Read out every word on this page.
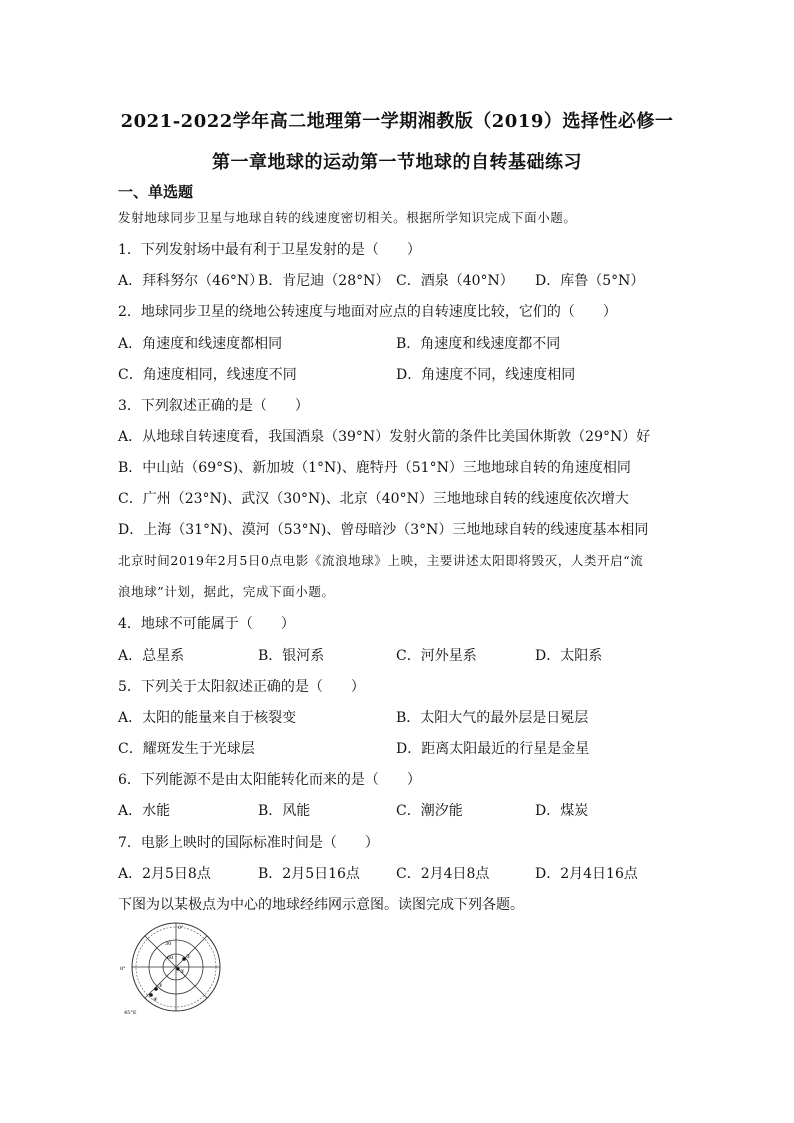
2021-2022学年高二地理第一学期湘教版（2019）选择性必修一
第一章地球的运动第一节地球的自转基础练习
一、单选题
发射地球同步卫星与地球自转的线速度密切相关。根据所学知识完成下面小题。
1．下列发射场中最有利于卫星发射的是（　　）
A．拜科努尔（46°N）
B．肯尼迪（28°N） C．酒泉（40°N） D．库鲁（5°N）
2．地球同步卫星的绕地公转速度与地面对应点的自转速度比较，它们的（　　）
A．角速度和线速度都相同	B．角速度和线速度都不同
C．角速度相同，线速度不同	D．角速度不同，线速度相同
3．下列叙述正确的是（　　）
A．从地球自转速度看，我国酒泉（39°N）发射火箭的条件比美国休斯敦（29°N）好
B．中山站（69°S)、新加坡（1°N)、鹿特丹（51°N）三地地球自转的角速度相同
C．广州（23°N)、武汉（30°N)、北京（40°N）三地地球自转的线速度依次增大
D．上海（31°N)、漠河（53°N)、曾母暗沙（3°N）三地地球自转的线速度基本相同
北京时间2019年2月5日0点电影《流浪地球》上映，主要讲述太阳即将毁灭，人类开启“流
浪地球”计划，据此，完成下面小题。
4．地球不可能属于（　　）
A．总星系	B．银河系	C．河外星系	D．太阳系
5．下列关于太阳叙述正确的是（　　）
A．太阳的能量来自于核裂变	B．太阳大气的最外层是日冕层
C．耀斑发生于光球层	D．距离太阳最近的行星是金星
6．下列能源不是由太阳能转化而来的是（　　）
A．水能	B．风能	C．潮汐能	D．煤炭
7．电影上映时的国际标准时间是（　　）
A．2月5日8点	B．2月5日16点	C．2月4日8点	D．2月4日16点
下图为以某极点为中心的地球经纬网示意图。读图完成下列各题。
0°
0°
45°E
30
60	①
②
③
④
